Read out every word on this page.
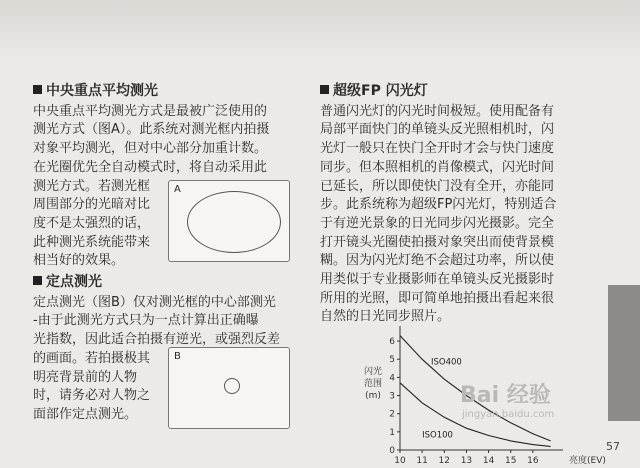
中央重点平均测光

中央重点平均测光方式是最被广泛使用的
测光方式（图A）。此系统对测光框内拍摄
对象平均测光，但对中心部分加重计数。
在光圈优先全自动模式时，将自动采用此
测光方式。若测光框
周围部分的光暗对比
度不是太强烈的话，
此种测光系统能带来
相当好的效果。

定点测光

定点测光（图B）仅对测光框的中心部测光
-由于此测光方式只为一点计算出正确曝
光指数，因此适合拍摄有逆光，或强烈反差
的画面。若拍摄极其
明亮背景前的人物
时，请务必对人物之
面部作定点测光。
A
B

超级FP 闪光灯

普通闪光灯的闪光时间极短。使用配备有
局部平面快门的单镜头反光照相机时，闪
光灯一般只在快门全开时才会与快门速度
同步。但本照相机的肖像模式，闪光时间
已延长，所以即使快门没有全开，亦能同
步。此系统称为超级FP闪光灯，特别适合
于有逆光景象的日光同步闪光摄影。完全
打开镜头光圈使拍摄对象突出而使背景模
糊。因为闪光灯绝不会超过功率，所以使
用类似于专业摄影师在单镜头反光摄影时
所用的光照，即可简单地拍摄出看起来很
自然的日光同步照片。
10 11 12 13 14 15 16
0
1
2
3
4
5
6
闪光
范围
(m)
亮度(EV)
ISO400
ISO100
57
Bai 经验
jingyan.baidu.com
